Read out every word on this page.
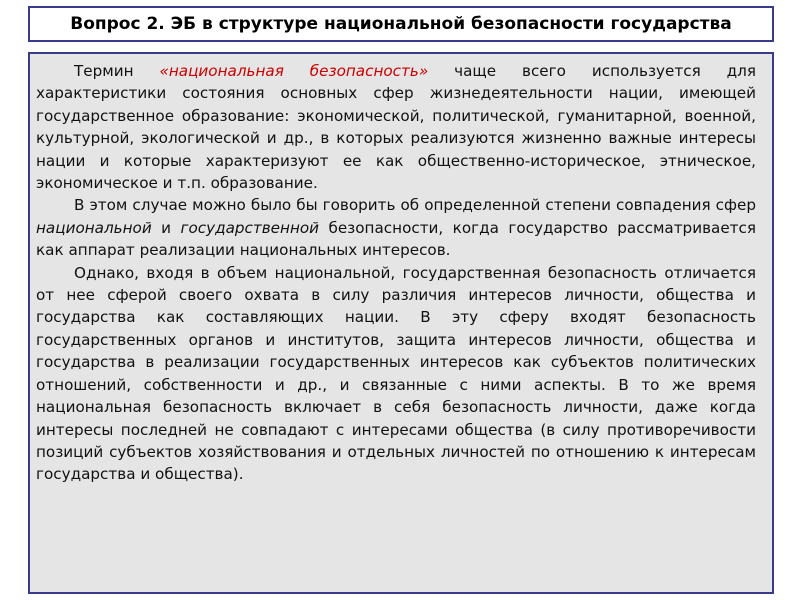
Вопрос 2. ЭБ в структуре национальной безопасности государства

Термин «национальная безопасность» чаще всего используется для характеристики состояния основных сфер жизнедеятельности нации, имеющей государственное образование: экономической, политической, гуманитарной, военной, культурной, экологической и др., в которых реализуются жизненно важные интересы нации и которые характеризуют ее как общественно-историческое, этническое, экономическое и т.п. образование.

В этом случае можно было бы говорить об определенной степени совпадения сфер национальной и государственной безопасности, когда государство рассматривается как аппарат реализации национальных интересов.

Однако, входя в объем национальной, государственная безопасность отличается от нее сферой своего охвата в силу различия интересов личности, общества и государства как составляющих нации. В эту сферу входят безопасность государственных органов и институтов, защита интересов личности, общества и государства в реализации государственных интересов как субъектов политических отношений, собственности и др., и связанные с ними аспекты. В то же время национальная безопасность включает в себя безопасность личности, даже когда интересы последней не совпадают с интересами общества (в силу противоречивости позиций субъектов хозяйствования и отдельных личностей по отношению к интересам государства и общества).
